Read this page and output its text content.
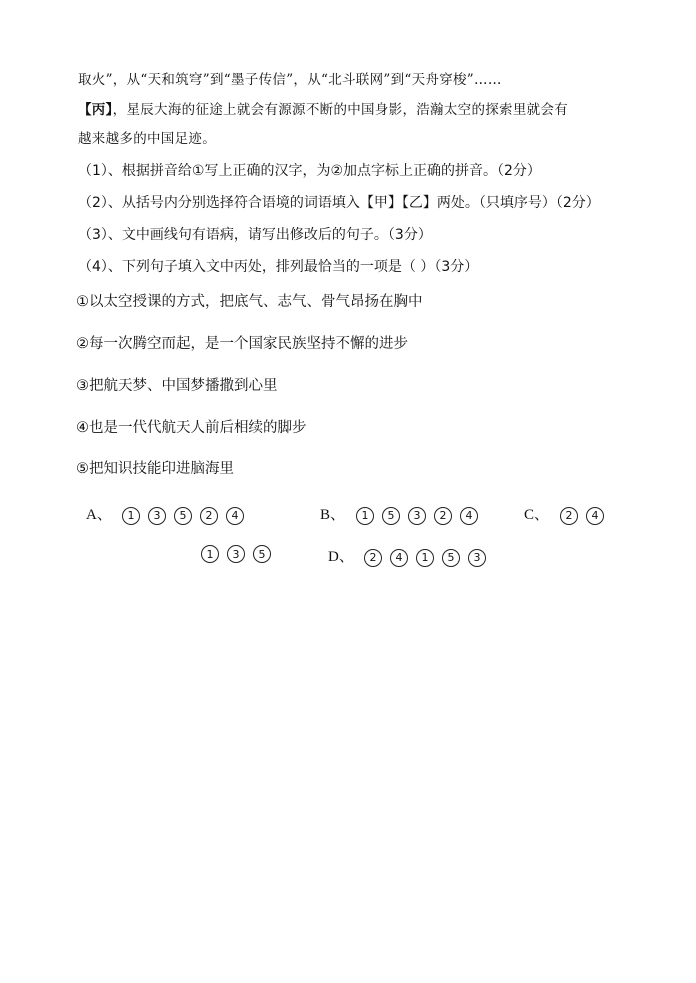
取火”，从“天和筑穹”到“墨子传信”，从“北斗联网”到“天舟穿梭”……
【丙】，星辰大海的征途上就会有源源不断的中国身影，浩瀚太空的探索里就会有
越来越多的中国足迹。
（1）、根据拼音给①写上正确的汉字，为②加点字标上正确的拼音。（2分）
（2）、从括号内分别选择符合语境的词语填入【甲】【乙】两处。（只填序号）（2分）
（3）、文中画线句有语病，请写出修改后的句子。（3分）
（4）、下列句子填入文中丙处，排列最恰当的一项是（ ）（3分）
①以太空授课的方式，把底气、志气、骨气昂扬在胸中
②每一次腾空而起，是一个国家民族坚持不懈的进步
③把航天梦、中国梦播撒到心里
④也是一代代航天人前后相续的脚步
⑤把知识技能印进脑海里
A、	1	3	5	2	4	B、	1	5	3	2	4	C、	2	4
1	3	5	D、	2	4	1	5	3
